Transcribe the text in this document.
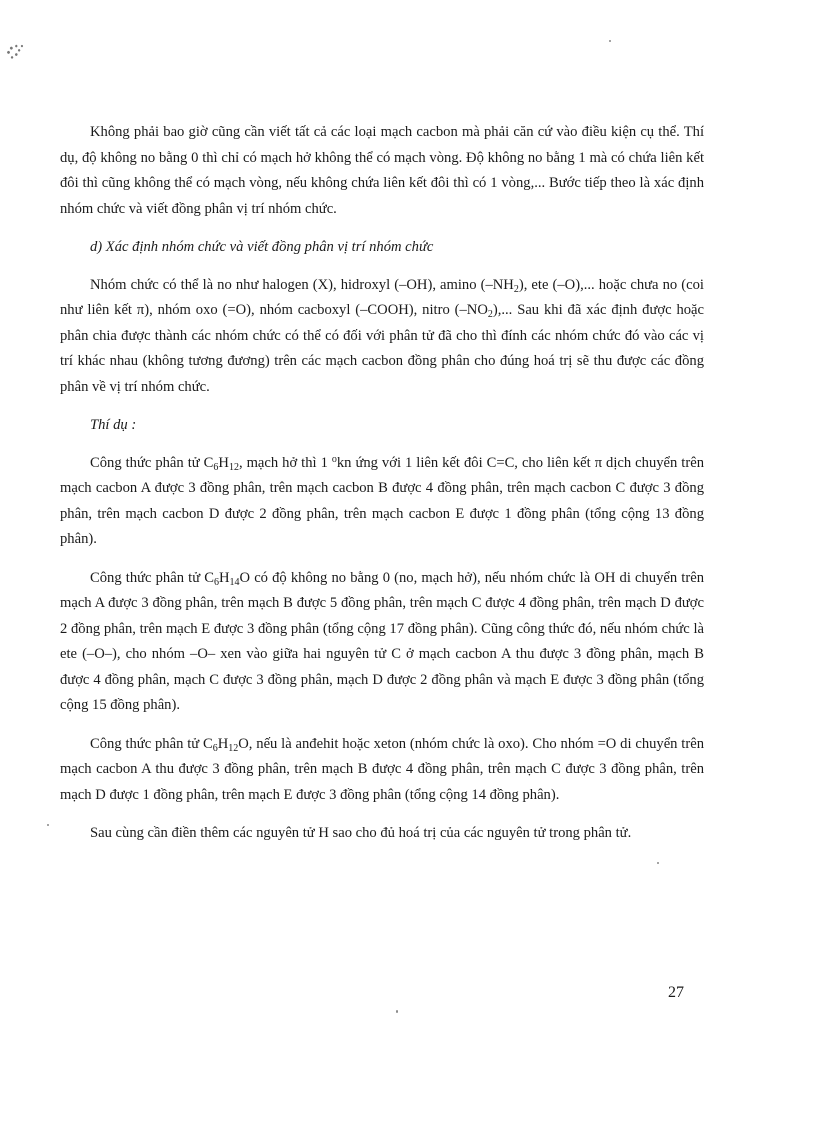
Không phải bao giờ cũng cần viết tất cả các loại mạch cacbon mà phải căn cứ vào điều kiện cụ thể. Thí dụ, độ không no bằng 0 thì chỉ có mạch hở không thể có mạch vòng. Độ không no bằng 1 mà có chứa liên kết đôi thì cũng không thể có mạch vòng, nếu không chứa liên kết đôi thì có 1 vòng,... Bước tiếp theo là xác định nhóm chức và viết đồng phân vị trí nhóm chức.

d) Xác định nhóm chức và viết đồng phân vị trí nhóm chức

Nhóm chức có thể là no như halogen (X), hidroxyl (–OH), amino $(-NH_2)$, ete (–O),... hoặc chưa no (coi như liên kết π), nhóm oxo (=O), nhóm cacboxyl (–COOH), nitro $(-NO_2)$,... Sau khi đã xác định được hoặc phân chia được thành các nhóm chức có thể có đối với phân tử đã cho thì đính các nhóm chức đó vào các vị trí khác nhau (không tương đương) trên các mạch cacbon đồng phân cho đúng hoá trị sẽ thu được các đồng phân về vị trí nhóm chức.

Thí dụ :

Công thức phân tử $C_6H_{12}$, mạch hở thì 1 $^o$kn ứng với 1 liên kết đôi C=C, cho liên kết π dịch chuyển trên mạch cacbon A được 3 đồng phân, trên mạch cacbon B được 4 đồng phân, trên mạch cacbon C được 3 đồng phân, trên mạch cacbon D được 2 đồng phân, trên mạch cacbon E được 1 đồng phân (tổng cộng 13 đồng phân).

Công thức phân tử $C_6H_{14}O$ có độ không no bằng 0 (no, mạch hở), nếu nhóm chức là OH di chuyển trên mạch A được 3 đồng phân, trên mạch B được 5 đồng phân, trên mạch C được 4 đồng phân, trên mạch D được 2 đồng phân, trên mạch E được 3 đồng phân (tổng cộng 17 đồng phân). Cũng công thức đó, nếu nhóm chức là ete (–O–), cho nhóm –O– xen vào giữa hai nguyên tử C ở mạch cacbon A thu được 3 đồng phân, mạch B được 4 đồng phân, mạch C được 3 đồng phân, mạch D được 2 đồng phân và mạch E được 3 đồng phân (tổng cộng 15 đồng phân).

Công thức phân tử $C_6H_{12}O$, nếu là anđehit hoặc xeton (nhóm chức là oxo). Cho nhóm =O di chuyển trên mạch cacbon A thu được 3 đồng phân, trên mạch B được 4 đồng phân, trên mạch C được 3 đồng phân, trên mạch D được 1 đồng phân, trên mạch E được 3 đồng phân (tổng cộng 14 đồng phân).

Sau cùng cần điền thêm các nguyên tử H sao cho đủ hoá trị của các nguyên tử trong phân tử.

27
